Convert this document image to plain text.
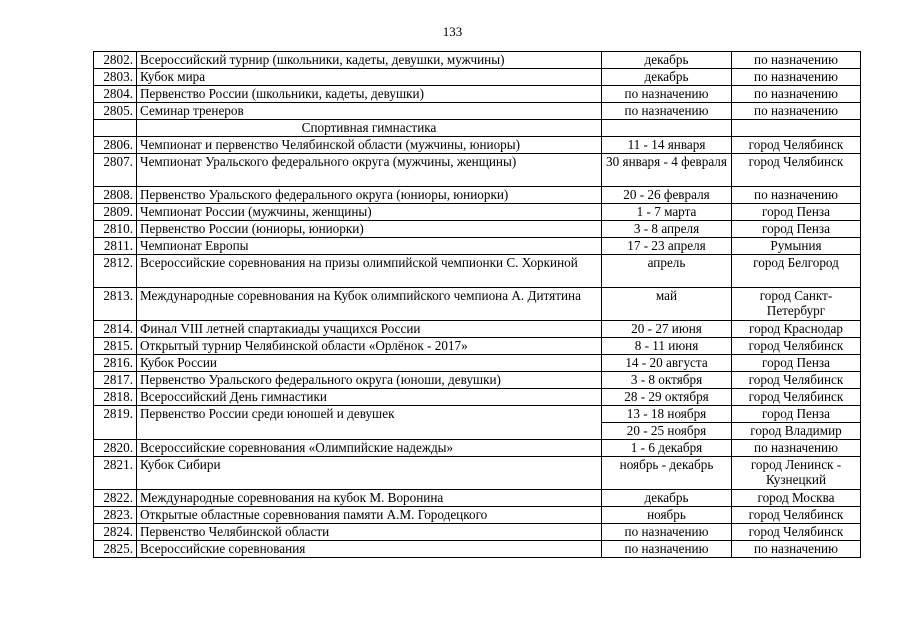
133
2802.	Всероссийский турнир (школьники, кадеты, девушки, мужчины)	декабрь	по назначению
2803.	Кубок мира	декабрь	по назначению
2804.	Первенство России (школьники, кадеты, девушки)	по назначению	по назначению
2805.	Семинар тренеров	по назначению	по назначению
	Спортивная гимнастика		
2806.	Чемпионат и первенство Челябинской области (мужчины, юниоры)	11 - 14 января	город Челябинск
2807.	Чемпионат Уральского федерального округа (мужчины, женщины)	30 января - 4 февраля	город Челябинск
2808.	Первенство Уральского федерального округа (юниоры, юниорки)	20 - 26 февраля	по назначению
2809.	Чемпионат России (мужчины, женщины)	1 - 7 марта	город Пенза
2810.	Первенство России (юниоры, юниорки)	3 - 8 апреля	город Пенза
2811.	Чемпионат Европы	17 - 23 апреля	Румыния
2812.	Всероссийские соревнования на призы олимпийской чемпионки С. Хоркиной	апрель	город Белгород
2813.	Международные соревнования на Кубок олимпийского чемпиона А. Дитятина	май	город Санкт-Петербург
2814.	Финал VIII летней спартакиады учащихся России	20 - 27 июня	город Краснодар
2815.	Открытый турнир Челябинской области «Орлёнок - 2017»	8 - 11 июня	город Челябинск
2816.	Кубок России	14 - 20 августа	город Пенза
2817.	Первенство Уральского федерального округа (юноши, девушки)	3 - 8 октября	город Челябинск
2818.	Всероссийский День гимнастики	28 - 29 октября	город Челябинск
2819.	Первенство России среди юношей и девушек	13 - 18 ноября	город Пенза
		20 - 25 ноября	город Владимир
2820.	Всероссийские соревнования «Олимпийские надежды»	1 - 6 декабря	по назначению
2821.	Кубок Сибири	ноябрь - декабрь	город Ленинск - Кузнецкий
2822.	Международные соревнования на кубок М. Воронина	декабрь	город Москва
2823.	Открытые областные соревнования памяти А.М. Городецкого	ноябрь	город Челябинск
2824.	Первенство Челябинской области	по назначению	город Челябинск
2825.	Всероссийские соревнования	по назначению	по назначению
